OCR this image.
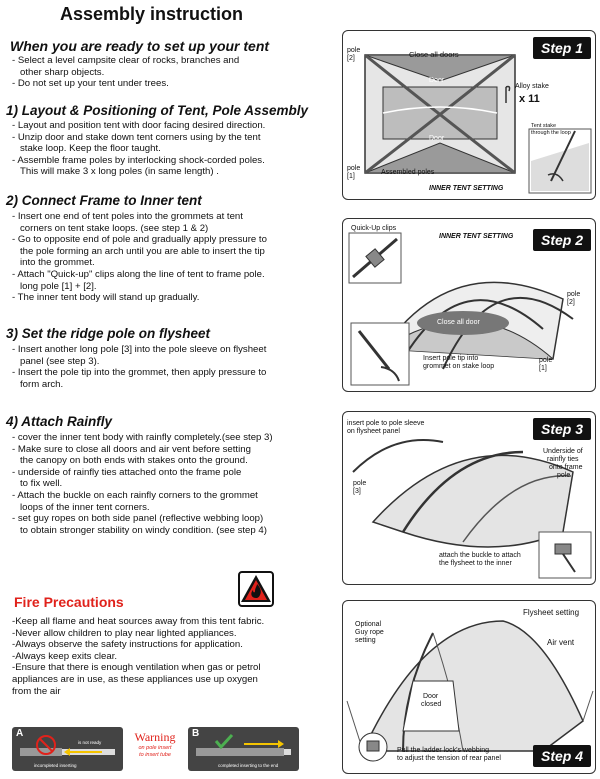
Assembly instruction
When you are ready to set up your tent
- Select a level campsite clear of rocks, branches and
other sharp objects.
- Do not set up your tent under trees.
1) Layout & Positioning of Tent, Pole Assembly
- Layout and position tent with door facing desired direction.
- Unzip door and stake down tent corners using by the tent
stake loop. Keep the floor taught.
- Assemble frame poles by interlocking shock-corded poles.
This will make 3 x long poles (in same length) .
2) Connect Frame to Inner tent
- Insert one end of tent poles into the grommets at tent
corners on tent stake loops. (see step 1 & 2)
- Go to opposite end of pole and gradually apply pressure to
the pole forming an arch until you are able to insert the tip
into the grommet.
- Attach "Quick-up" clips along the line of tent to frame pole.
long pole [1] + [2].
- The inner tent body will stand up gradually.
3) Set the ridge pole on flysheet
- Insert another long pole [3] into the pole sleeve on flysheet
panel (see step 3).
- Insert the pole tip into the grommet, then apply pressure to
form arch.
4) Attach Rainfly
- cover the inner tent body with rainfly completely.(see step 3)
- Make sure to close all doors and air vent before setting
the canopy on both ends with stakes onto the ground.
- underside of rainfly ties attached onto the frame pole
to fix well.
- Attach the buckle on each rainfly corners to the grommet
loops of the inner tent corners.
- set guy ropes on both side panel (reflective webbing loop)
to obtain stronger stability on windy condition. (see step 4)
Fire Precautions
-Keep all flame and heat sources away from this tent fabric.
-Never allow children to play near lighted appliances.
-Always observe the safety instructions for application.
-Always keep exits clear.
-Ensure that there is enough ventilation when gas or petrol
appliances are in use, as these appliances use up oxygen
from the air
A
is not ready
incompleted inserting
Warning
on pole insert
to insert tube
B
completed inserting to the end
Step 1
pole
[2]	Close all doors
Door
Door
Alloy stake
x 11
Tent stake
through the loop
pole
[1]
Assembled poles
INNER TENT SETTING
Step 2
Quick-Up clips
INNER TENT SETTING
pole
[2]
Close all door
Insert pole tip into
grommet on stake loop
pole
[1]
Step 3
insert pole to pole sleeve
on flysheet panel
Underside of
rainfly ties
onto frame
pole
pole
[3]
attach the buckle to attach
the flysheet to the inner
Step 4
Flysheet setting
Optional
Guy rope
setting	Air vent
Door
closed
Pull the ladder lock's webbing
to adjust the tension of rear panel
